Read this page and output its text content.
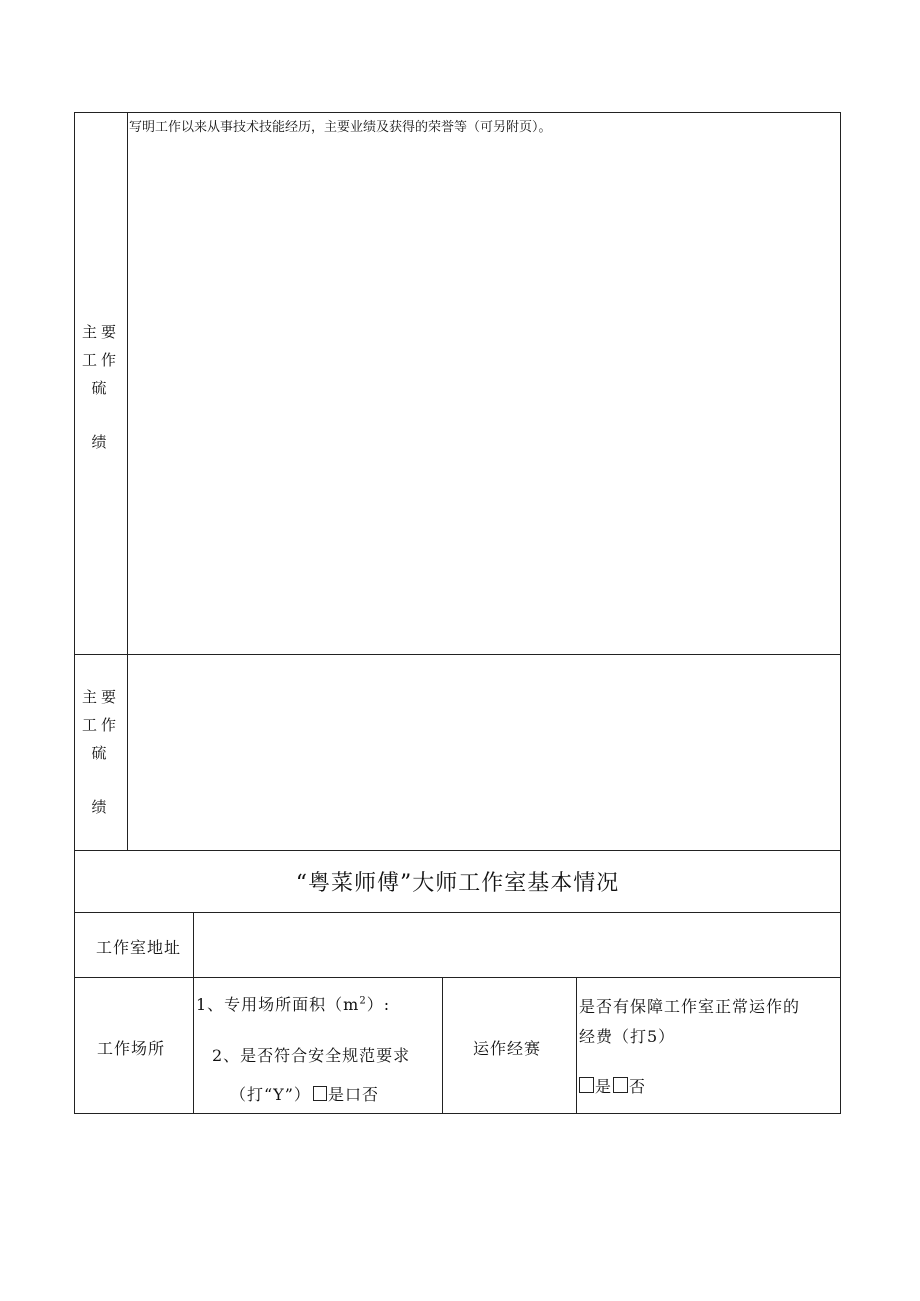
主要
工作
硫
绩
写明工作以来从事技术技能经历，主要业绩及获得的荣誉等（可另附页）。
主要
工作
硫
绩
“粤菜师傅”大师工作室基本情况
工作室地址
工作场所
1、专用场所面积$(m^2)$:
2、是否符合安全规范要求
（打“Y”） 是口否
运作经赛
是否有保障工作室正常运作的
经费（打5）
是 否
